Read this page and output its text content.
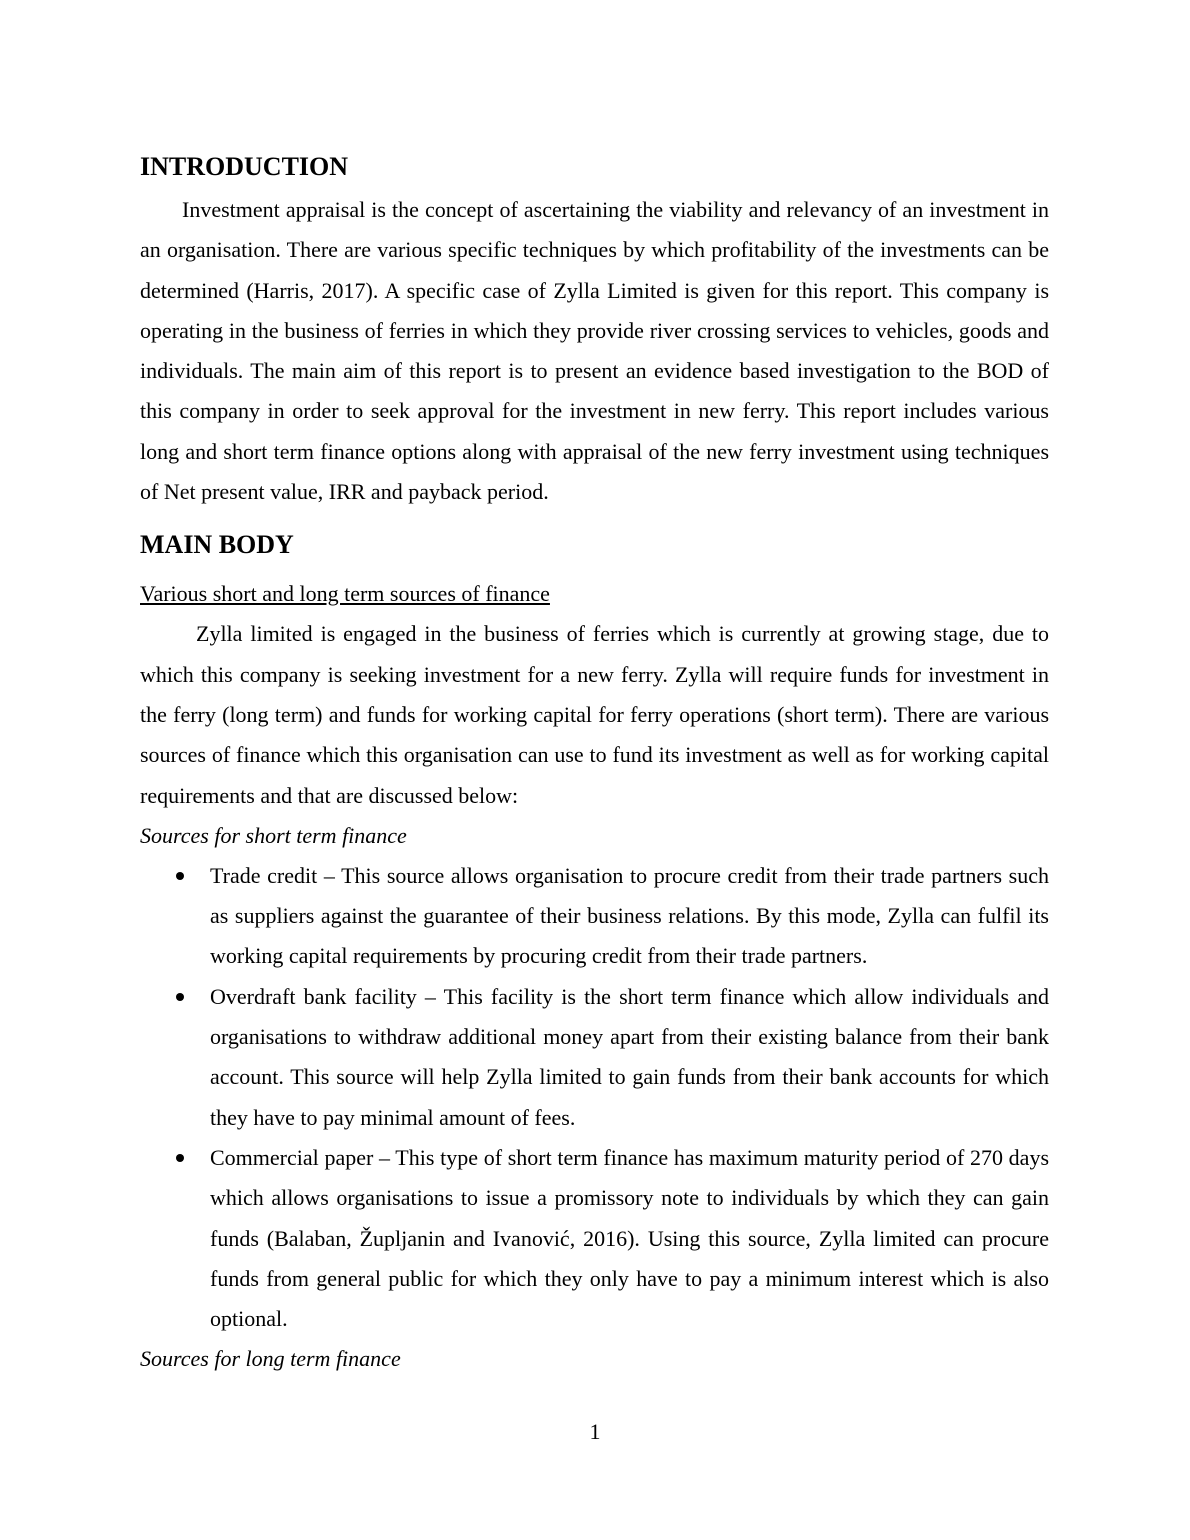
INTRODUCTION

Investment appraisal is the concept of ascertaining the viability and relevancy of an investment in an organisation. There are various specific techniques by which profitability of the investments can be determined (Harris, 2017). A specific case of Zylla Limited is given for this report. This company is operating in the business of ferries in which they provide river crossing services to vehicles, goods and individuals. The main aim of this report is to present an evidence based investigation to the BOD of this company in order to seek approval for the investment in new ferry. This report includes various long and short term finance options along with appraisal of the new ferry investment using techniques of Net present value, IRR and payback period.

MAIN BODY
Various short and long term sources of finance

Zylla limited is engaged in the business of ferries which is currently at growing stage, due to which this company is seeking investment for a new ferry. Zylla will require funds for investment in the ferry (long term) and funds for working capital for ferry operations (short term). There are various sources of finance which this organisation can use to fund its investment as well as for working capital requirements and that are discussed below:

Sources for short term finance
Trade credit – This source allows organisation to procure credit from their trade partners such as suppliers against the guarantee of their business relations. By this mode, Zylla can fulfil its working capital requirements by procuring credit from their trade partners.
Overdraft bank facility – This facility is the short term finance which allow individuals and organisations to withdraw additional money apart from their existing balance from their bank account. This source will help Zylla limited to gain funds from their bank accounts for which they have to pay minimal amount of fees.
Commercial paper – This type of short term finance has maximum maturity period of 270 days which allows organisations to issue a promissory note to individuals by which they can gain funds (Balaban, Župljanin and Ivanović, 2016). Using this source, Zylla limited can procure funds from general public for which they only have to pay a minimum interest which is also optional.
Sources for long term finance
1
